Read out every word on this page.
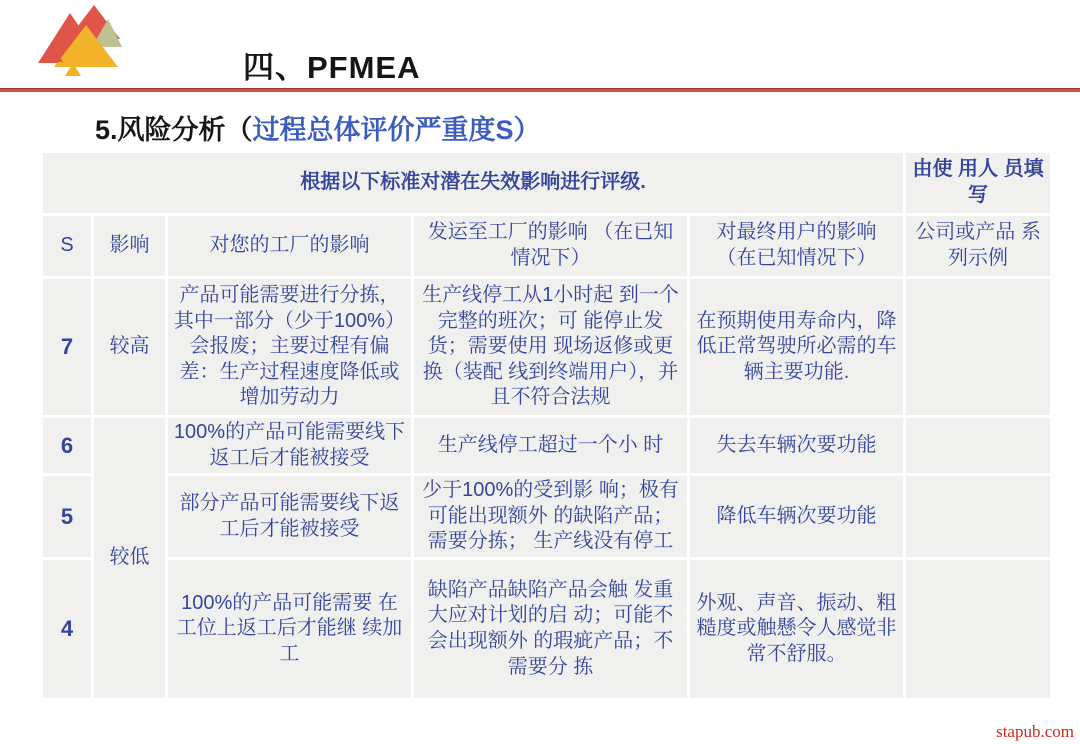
四、PFMEA
5.风险分析（过程总体评价严重度S）
根据以下标准对潜在失效影响进行评级.					由使 用人 员填写
S	影响	对您的工厂的影响	发运至工厂的影响 （在已知情况下）	对最终用户的影响 （在已知情况下）	公司或产品 系列示例
7	较高	产品可能需要进行分拣，其中一部分（少于100%）会报废；主要过程有偏差：生产过程速度降低或增加劳动力	生产线停工从1小时起 到一个完整的班次；可 能停止发货；需要使用 现场返修或更换（装配 线到终端用户），并且不符合法规	在预期使用寿命内，降低正常驾驶所必需的车辆主要功能.	
6	较低	100%的产品可能需要线下返工后才能被接受	生产线停工超过一个小 时	失去车辆次要功能	
5		部分产品可能需要线下返工后才能被接受	少于100%的受到影 响；极有可能出现额外 的缺陷产品；需要分拣； 生产线没有停工	降低车辆次要功能	
4		100%的产品可能需要 在工位上返工后才能继 续加工	缺陷产品缺陷产品会触 发重大应对计划的启 动；可能不会出现额外 的瑕疵产品；不需要分 拣	外观、声音、振动、粗糙度或触懸令人感觉非常不舒服。	
stapub.com
